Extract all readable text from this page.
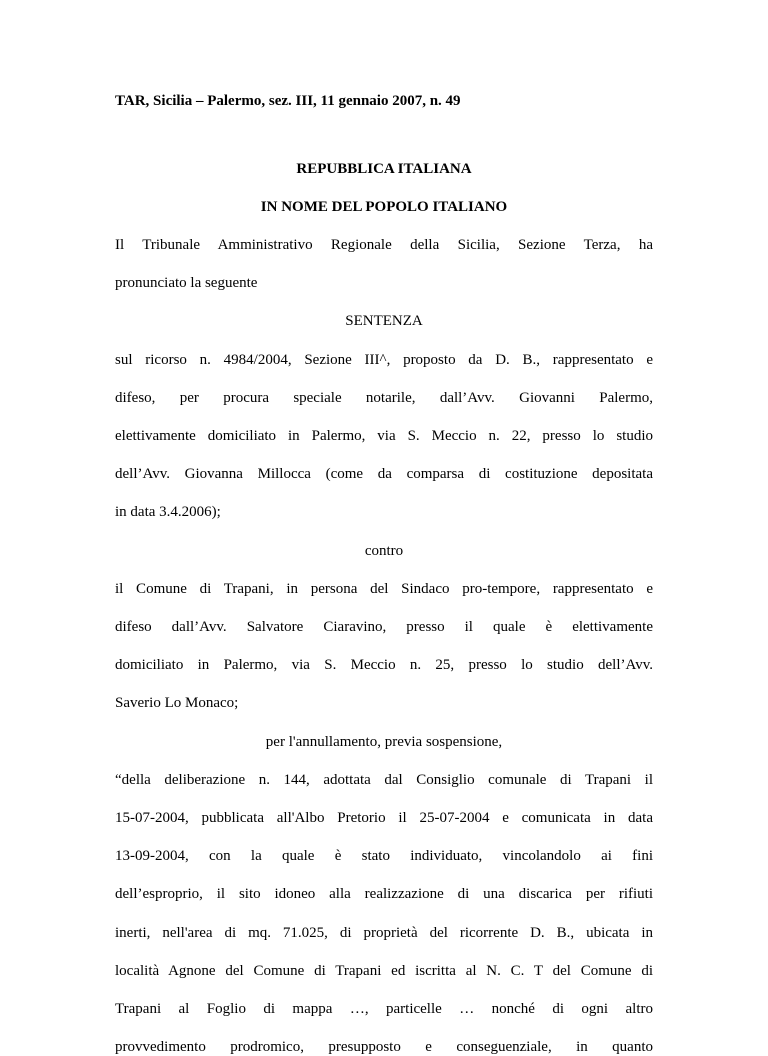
TAR, Sicilia – Palermo, sez. III, 11 gennaio 2007, n. 49
REPUBBLICA ITALIANA
IN NOME DEL POPOLO ITALIANO
Il Tribunale Amministrativo Regionale della Sicilia, Sezione Terza, ha
pronunciato la seguente
SENTENZA
sul ricorso n. 4984/2004, Sezione III^, proposto da D. B., rappresentato e
difeso, per procura speciale notarile, dall’Avv. Giovanni Palermo,
elettivamente domiciliato in Palermo, via S. Meccio n. 22, presso lo studio
dell’Avv. Giovanna Millocca (come da comparsa di costituzione depositata
in data 3.4.2006);
contro
il Comune di Trapani, in persona del Sindaco pro-tempore, rappresentato e
difeso dall’Avv. Salvatore Ciaravino, presso il quale è elettivamente
domiciliato in Palermo, via S. Meccio n. 25, presso lo studio dell’Avv.
Saverio Lo Monaco;
per l'annullamento, previa sospensione,
“della deliberazione n. 144, adottata dal Consiglio comunale di Trapani il
15-07-2004, pubblicata all'Albo Pretorio il 25-07-2004 e comunicata in data
13-09-2004, con la quale è stato individuato, vincolandolo ai fini
dell’esproprio, il sito idoneo alla realizzazione di una discarica per rifiuti
inerti, nell'area di mq. 71.025, di proprietà del ricorrente D. B., ubicata in
località Agnone del Comune di Trapani ed iscritta al N. C. T del Comune di
Trapani al Foglio di mappa …, particelle … nonché di ogni altro
provvedimento prodromico, presupposto e conseguenziale, in quanto
